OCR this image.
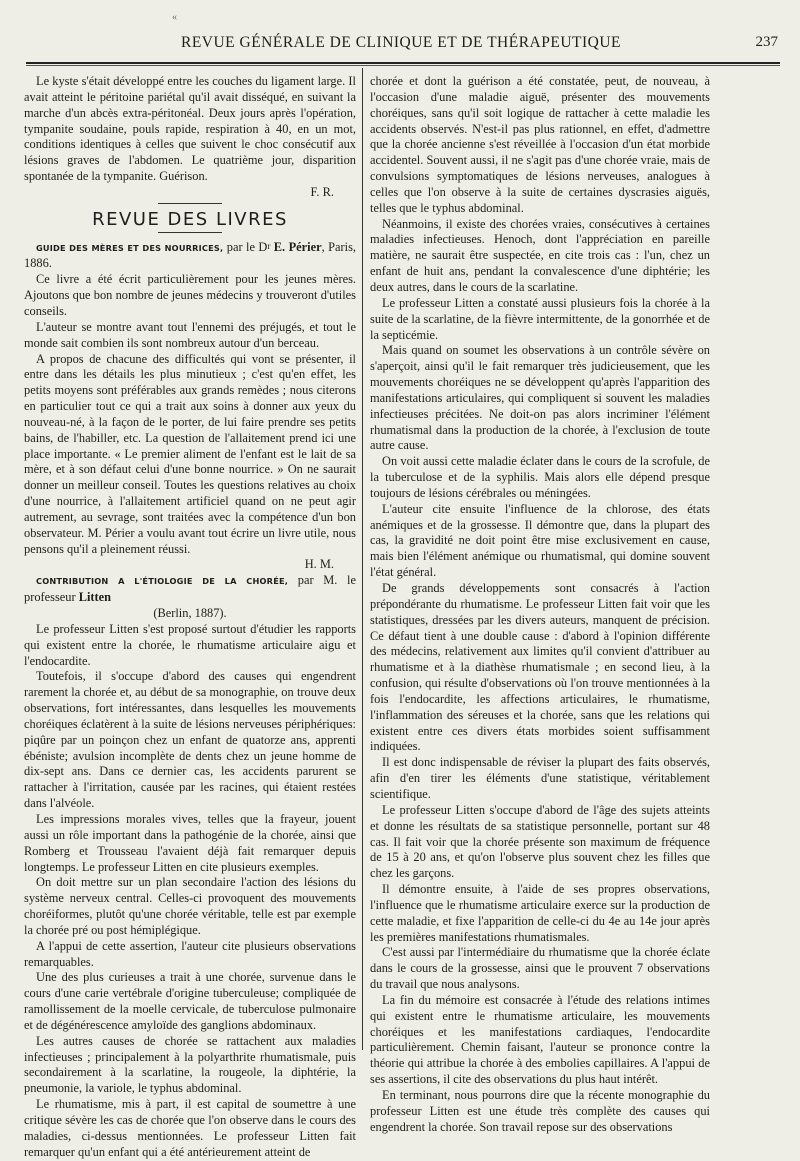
«
REVUE GÉNÉRALE DE CLINIQUE ET DE THÉRAPEUTIQUE	237

Le kyste s'était développé entre les couches du ligament large. Il avait atteint le péritoine pariétal qu'il avait disséqué, en suivant la marche d'un abcès extra-péritonéal. Deux jours après l'opération, tympanite soudaine, pouls rapide, respiration à 40, en un mot, conditions identiques à celles que suivent le choc consécutif aux lésions graves de l'abdomen. Le quatrième jour, disparition spontanée de la tympanite. Guérison.

F. R.
REVUE DES LIVRES

GUIDE DES MÈRES ET DES NOURRICES, par le $D^r$ E. Périer, Paris, 1886.

Ce livre a été écrit particulièrement pour les jeunes mères. Ajoutons que bon nombre de jeunes médecins y trouveront d'utiles conseils.

L'auteur se montre avant tout l'ennemi des préjugés, et tout le monde sait combien ils sont nombreux autour d'un berceau.

A propos de chacune des difficultés qui vont se présenter, il entre dans les détails les plus minutieux ; c'est qu'en effet, les petits moyens sont préférables aux grands remèdes ; nous citerons en particulier tout ce qui a trait aux soins à donner aux yeux du nouveau-né, à la façon de le porter, de lui faire prendre ses petits bains, de l'habiller, etc. La question de l'allaitement prend ici une place importante. « Le premier aliment de l'enfant est le lait de sa mère, et à son défaut celui d'une bonne nourrice. » On ne saurait donner un meilleur conseil. Toutes les questions relatives au choix d'une nourrice, à l'allaitement artificiel quand on ne peut agir autrement, au sevrage, sont traitées avec la compétence d'un bon observateur. M. Périer a voulu avant tout écrire un livre utile, nous pensons qu'il a pleinement réussi.

H. M.

CONTRIBUTION A L'ÉTIOLOGIE DE LA CHORÉE, par M. le professeur Litten

(Berlin, 1887).

Le professeur Litten s'est proposé surtout d'étudier les rapports qui existent entre la chorée, le rhumatisme articulaire aigu et l'endocardite.

Toutefois, il s'occupe d'abord des causes qui engendrent rarement la chorée et, au début de sa monographie, on trouve deux observations, fort intéressantes, dans lesquelles les mouvements choréiques éclatèrent à la suite de lésions nerveuses périphériques: piqûre par un poinçon chez un enfant de quatorze ans, apprenti ébéniste; avulsion incomplète de dents chez un jeune homme de dix-sept ans. Dans ce dernier cas, les accidents parurent se rattacher à l'irritation, causée par les racines, qui étaient restées dans l'alvéole.

Les impressions morales vives, telles que la frayeur, jouent aussi un rôle important dans la pathogénie de la chorée, ainsi que Romberg et Trousseau l'avaient déjà fait remarquer depuis longtemps. Le professeur Litten en cite plusieurs exemples.

On doit mettre sur un plan secondaire l'action des lésions du système nerveux central. Celles-ci provoquent des mouvements choréiformes, plutôt qu'une chorée véritable, telle est par exemple la chorée pré ou post hémiplégique.

A l'appui de cette assertion, l'auteur cite plusieurs observations remarquables.

Une des plus curieuses a trait à une chorée, survenue dans le cours d'une carie vertébrale d'origine tuberculeuse; compliquée de ramollissement de la moelle cervicale, de tuberculose pulmonaire et de dégénérescence amyloïde des ganglions abdominaux.

Les autres causes de chorée se rattachent aux maladies infectieuses ; principalement à la polyarthrite rhumatismale, puis secondairement à la scarlatine, la rougeole, la diphtérie, la pneumonie, la variole, le typhus abdominal.

Le rhumatisme, mis à part, il est capital de soumettre à une critique sévère les cas de chorée que l'on observe dans le cours des maladies, ci-dessus mentionnées. Le professeur Litten fait remarquer qu'un enfant qui a été antérieurement atteint de

chorée et dont la guérison a été constatée, peut, de nouveau, à l'occasion d'une maladie aiguë, présenter des mouvements choréiques, sans qu'il soit logique de rattacher à cette maladie les accidents observés. N'est-il pas plus rationnel, en effet, d'admettre que la chorée ancienne s'est réveillée à l'occasion d'un état morbide accidentel. Souvent aussi, il ne s'agit pas d'une chorée vraie, mais de convulsions symptomatiques de lésions nerveuses, analogues à celles que l'on observe à la suite de certaines dyscrasies aiguës, telles que le typhus abdominal.

Néanmoins, il existe des chorées vraies, consécutives à certaines maladies infectieuses. Henoch, dont l'appréciation en pareille matière, ne saurait être suspectée, en cite trois cas : l'un, chez un enfant de huit ans, pendant la convalescence d'une diphtérie; les deux autres, dans le cours de la scarlatine.

Le professeur Litten a constaté aussi plusieurs fois la chorée à la suite de la scarlatine, de la fièvre intermittente, de la gonorrhée et de la septicémie.

Mais quand on soumet les observations à un contrôle sévère on s'aperçoit, ainsi qu'il le fait remarquer très judicieusement, que les mouvements choréiques ne se développent qu'après l'apparition des manifestations articulaires, qui compliquent si souvent les maladies infectieuses précitées. Ne doit-on pas alors incriminer l'élément rhumatismal dans la production de la chorée, à l'exclusion de toute autre cause.

On voit aussi cette maladie éclater dans le cours de la scrofule, de la tuberculose et de la syphilis. Mais alors elle dépend presque toujours de lésions cérébrales ou méningées.

L'auteur cite ensuite l'influence de la chlorose, des états anémiques et de la grossesse. Il démontre que, dans la plupart des cas, la gravidité ne doit point être mise exclusivement en cause, mais bien l'élément anémique ou rhumatismal, qui domine souvent l'état général.

De grands développements sont consacrés à l'action prépondérante du rhumatisme. Le professeur Litten fait voir que les statistiques, dressées par les divers auteurs, manquent de précision. Ce défaut tient à une double cause : d'abord à l'opinion différente des médecins, relativement aux limites qu'il convient d'attribuer au rhumatisme et à la diathèse rhumatismale ; en second lieu, à la confusion, qui résulte d'observations où l'on trouve mentionnées à la fois l'endocardite, les affections articulaires, le rhumatisme, l'inflammation des séreuses et la chorée, sans que les relations qui existent entre ces divers états morbides soient suffisamment indiquées.

Il est donc indispensable de réviser la plupart des faits observés, afin d'en tirer les éléments d'une statistique, véritablement scientifique.

Le professeur Litten s'occupe d'abord de l'âge des sujets atteints et donne les résultats de sa statistique personnelle, portant sur 48 cas. Il fait voir que la chorée présente son maximum de fréquence de 15 à 20 ans, et qu'on l'observe plus souvent chez les filles que chez les garçons.

Il démontre ensuite, à l'aide de ses propres observations, l'influence que le rhumatisme articulaire exerce sur la production de cette maladie, et fixe l'apparition de celle-ci du 4e au 14e jour après les premières manifestations rhumatismales.

C'est aussi par l'intermédiaire du rhumatisme que la chorée éclate dans le cours de la grossesse, ainsi que le prouvent 7 observations du travail que nous analysons.

La fin du mémoire est consacrée à l'étude des relations intimes qui existent entre le rhumatisme articulaire, les mouvements choréiques et les manifestations cardiaques, l'endocardite particulièrement. Chemin faisant, l'auteur se prononce contre la théorie qui attribue la chorée à des embolies capillaires. A l'appui de ses assertions, il cite des observations du plus haut intérêt.

En terminant, nous pourrons dire que la récente monographie du professeur Litten est une étude très complète des causes qui engendrent la chorée. Son travail repose sur des observations
